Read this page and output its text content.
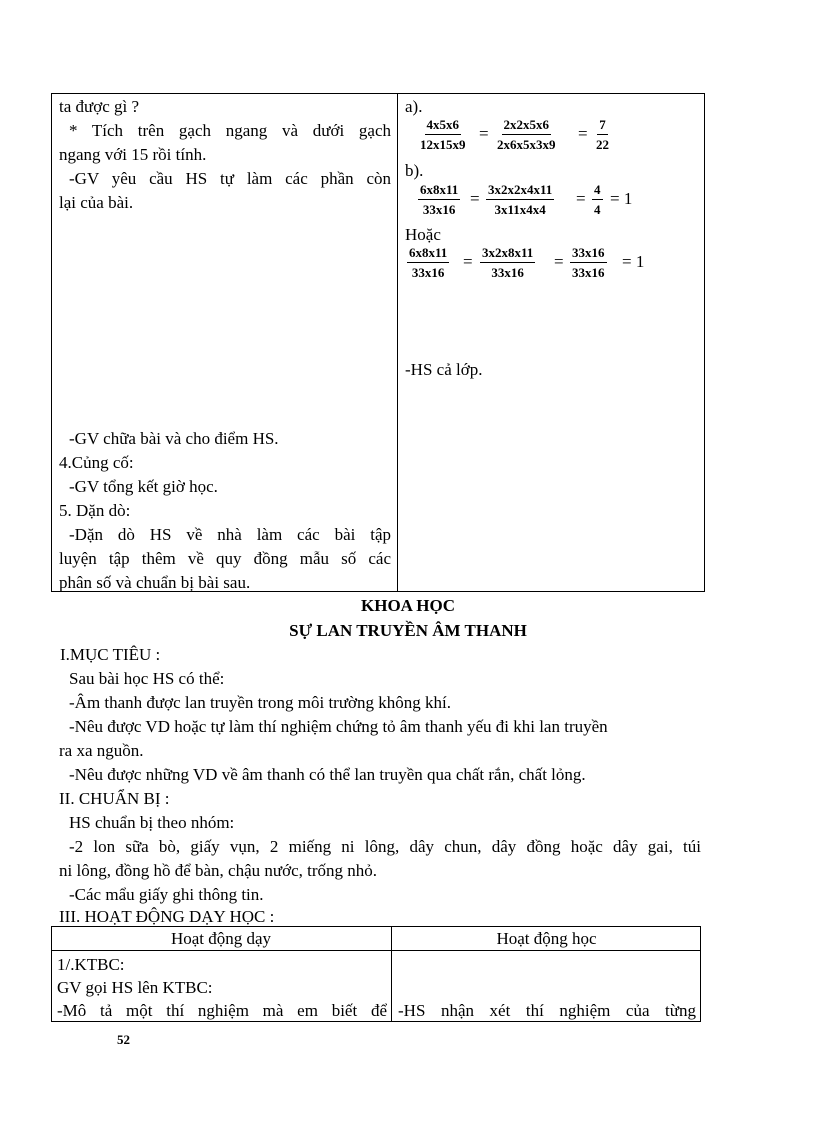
ta được gì ?
* Tích trên gạch ngang và dưới gạch
ngang với 15 rồi tính.
-GV yêu cầu HS tự làm các phần còn
lại của bài.
-GV chữa bài và cho điểm HS.
4.Củng cố:
-GV tổng kết giờ học.
5. Dặn dò:
-Dặn dò HS về nhà làm các bài tập
luyện tập thêm về quy đồng mẫu số các
phân số và chuẩn bị bài sau.
a).
$\frac{4x5x6}{12x15x9} = \frac{2x2x5x6}{2x6x5x3x9} = \frac{7}{22}$
b).
$\frac{6x8x11}{33x16} = \frac{3x2x2x4x11}{3x11x4x4} = \frac{4}{4} = 1$
Hoặc
$\frac{6x8x11}{33x16} = \frac{3x2x8x11}{33x16} = \frac{33x16}{33x16} = 1$
-HS cả lớp.
KHOA HỌC
SỰ LAN TRUYỀN ÂM THANH
I.MỤC TIÊU :
Sau bài học HS có thể:
-Âm thanh được lan truyền trong môi trường không khí.
-Nêu được VD hoặc tự làm thí nghiệm chứng tỏ âm thanh yếu đi khi lan truyền
ra xa nguồn.
-Nêu được những VD về âm thanh có thể lan truyền qua chất rắn, chất lỏng.
II. CHUẨN BỊ :
HS chuẩn bị theo nhóm:
-2 lon sữa bò, giấy vụn, 2 miếng ni lông, dây chun, dây đồng hoặc dây gai, túi
ni lông, đồng hồ để bàn, chậu nước, trống nhỏ.
-Các mẩu giấy ghi thông tin.
III. HOẠT ĐỘNG DẠY HỌC :
Hoạt động dạy	Hoạt động học
1/.KTBC:
GV gọi HS lên KTBC:
-Mô tả một thí nghiệm mà em biết để -HS nhận xét thí nghiệm của từng
52
